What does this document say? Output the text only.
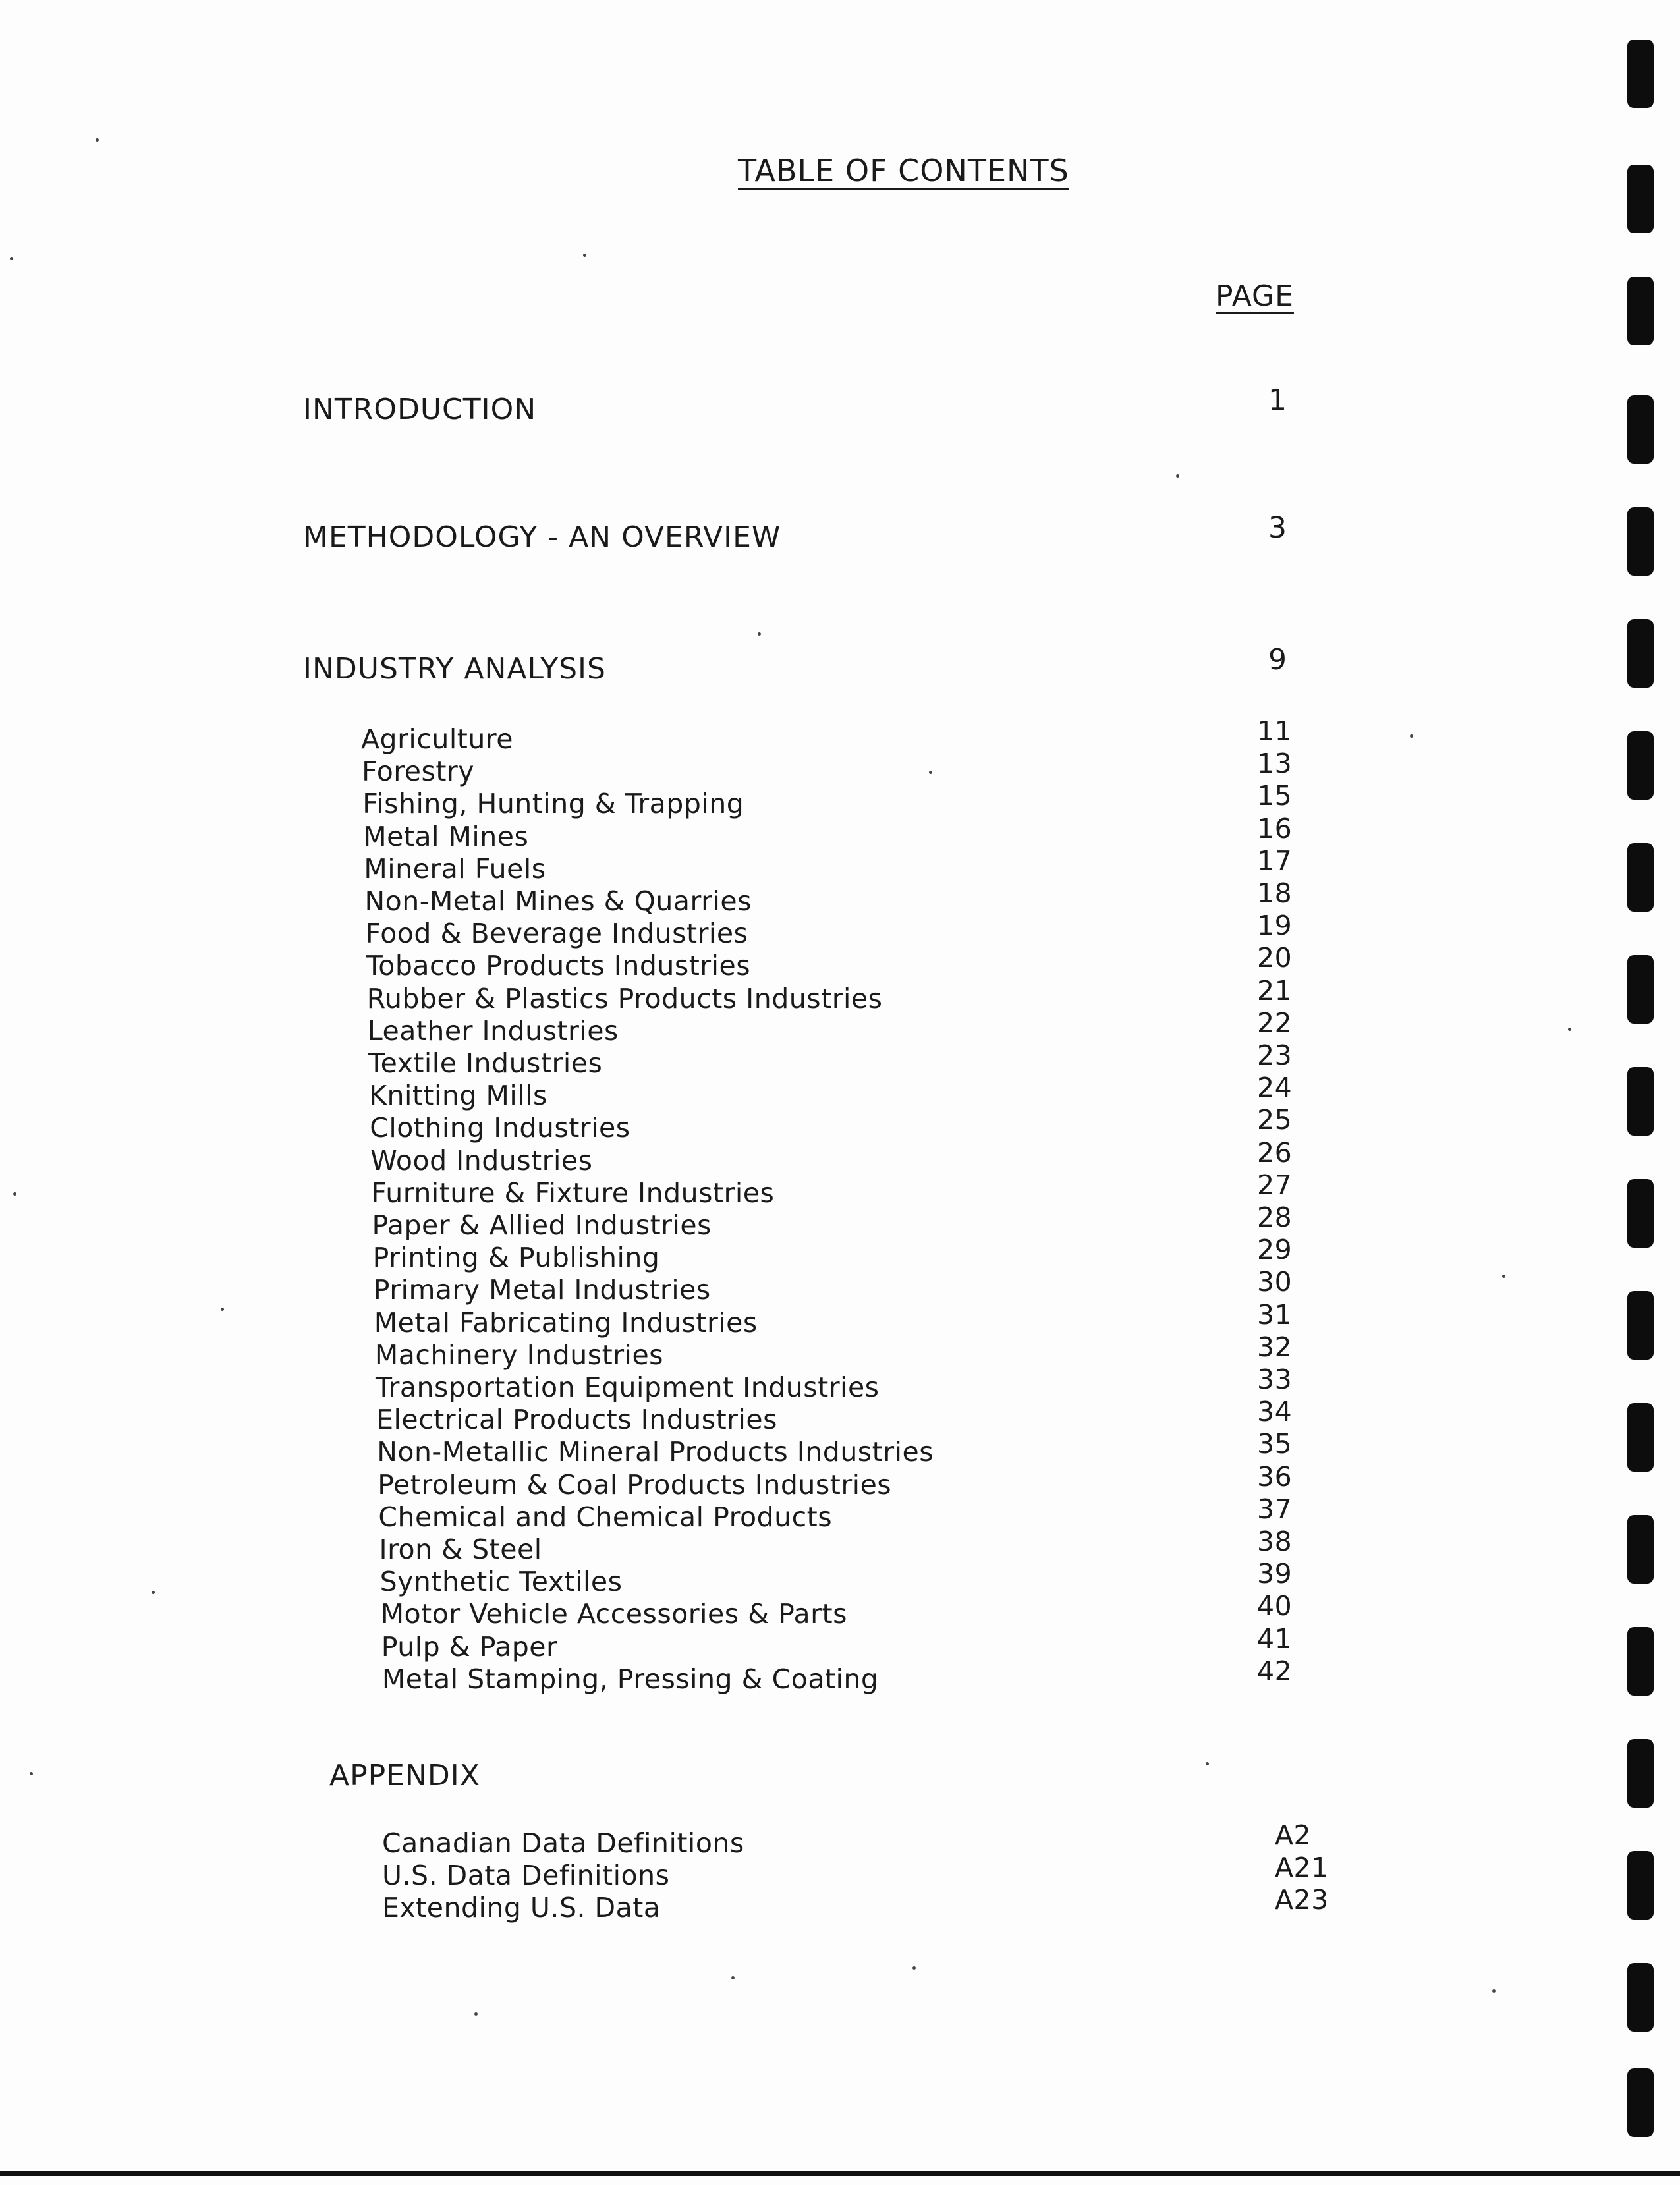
TABLE OF CONTENTS
PAGE
INTRODUCTION	1
METHODOLOGY - AN OVERVIEW	3
INDUSTRY ANALYSIS	9
Agriculture	11
Forestry	13
Fishing, Hunting & Trapping	15
Metal Mines	16
Mineral Fuels	17
Non-Metal Mines & Quarries	18
Food & Beverage Industries	19
Tobacco Products Industries	20
Rubber & Plastics Products Industries	21
Leather Industries	22
Textile Industries	23
Knitting Mills	24
Clothing Industries	25
Wood Industries	26
Furniture & Fixture Industries	27
Paper & Allied Industries	28
Printing & Publishing	29
Primary Metal Industries	30
Metal Fabricating Industries	31
Machinery Industries	32
Transportation Equipment Industries	33
Electrical Products Industries	34
Non-Metallic Mineral Products Industries	35
Petroleum & Coal Products Industries	36
Chemical and Chemical Products	37
Iron & Steel	38
Synthetic Textiles	39
Motor Vehicle Accessories & Parts	40
Pulp & Paper	41
Metal Stamping, Pressing & Coating	42
APPENDIX
Canadian Data Definitions	A2
U.S. Data Definitions	A21
Extending U.S. Data	A23
